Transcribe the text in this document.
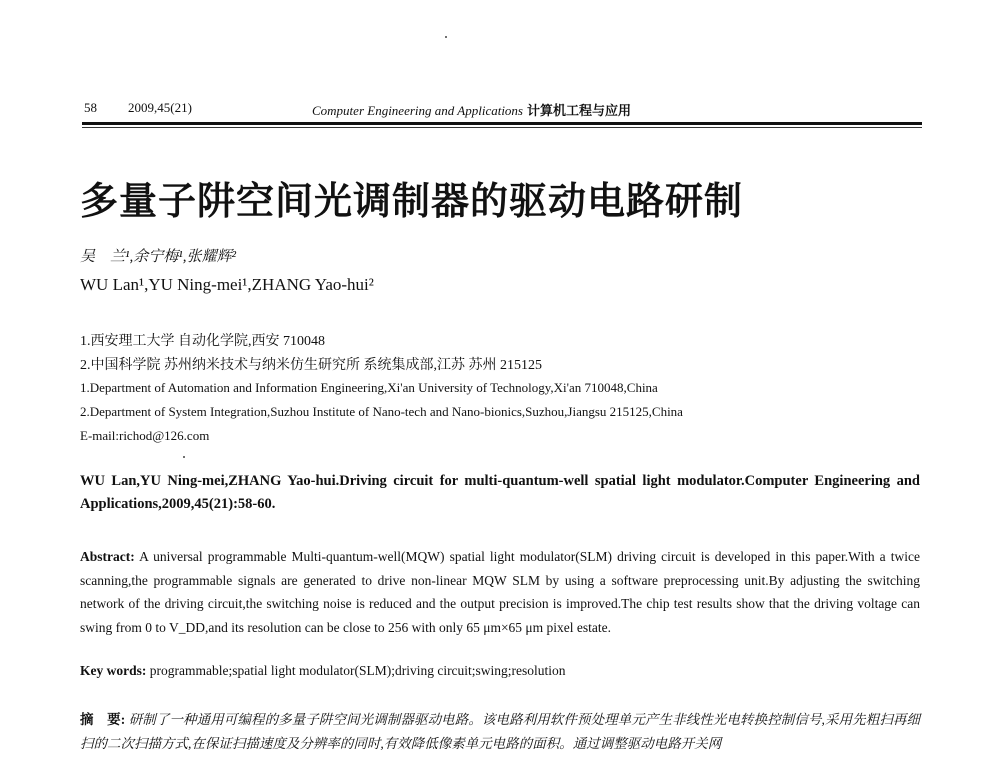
58 2009,45(21)	Computer Engineering and Applications 计算机工程与应用
多量子阱空间光调制器的驱动电路研制
吴　兰¹,余宁梅¹,张耀辉²
WU Lan¹,YU Ning-mei¹,ZHANG Yao-hui²
1.西安理工大学 自动化学院,西安 710048
2.中国科学院 苏州纳米技术与纳米仿生研究所 系统集成部,江苏 苏州 215125
1.Department of Automation and Information Engineering,Xi'an University of Technology,Xi'an 710048,China
2.Department of System Integration,Suzhou Institute of Nano-tech and Nano-bionics,Suzhou,Jiangsu 215125,China
E-mail:richod@126.com
WU Lan,YU Ning-mei,ZHANG Yao-hui.Driving circuit for multi-quantum-well spatial light modulator.Computer Engineering and Applications,2009,45(21):58-60.
Abstract: A universal programmable Multi-quantum-well(MQW) spatial light modulator(SLM) driving circuit is developed in this paper.With a twice scanning,the programmable signals are generated to drive non-linear MQW SLM by using a software preprocessing unit.By adjusting the switching network of the driving circuit,the switching noise is reduced and the output precision is improved.The chip test results show that the driving voltage can swing from 0 to V_DD,and its resolution can be close to 256 with only 65 μm×65 μm pixel estate.
Key words: programmable;spatial light modulator(SLM);driving circuit;swing;resolution
摘　要: 研制了一种通用可编程的多量子阱空间光调制器驱动电路。该电路利用软件预处理单元产生非线性光电转换控制信号,采用先粗扫再细扫的二次扫描方式,在保证扫描速度及分辨率的同时,有效降低像素单元电路的面积。通过调整驱动电路开关网
